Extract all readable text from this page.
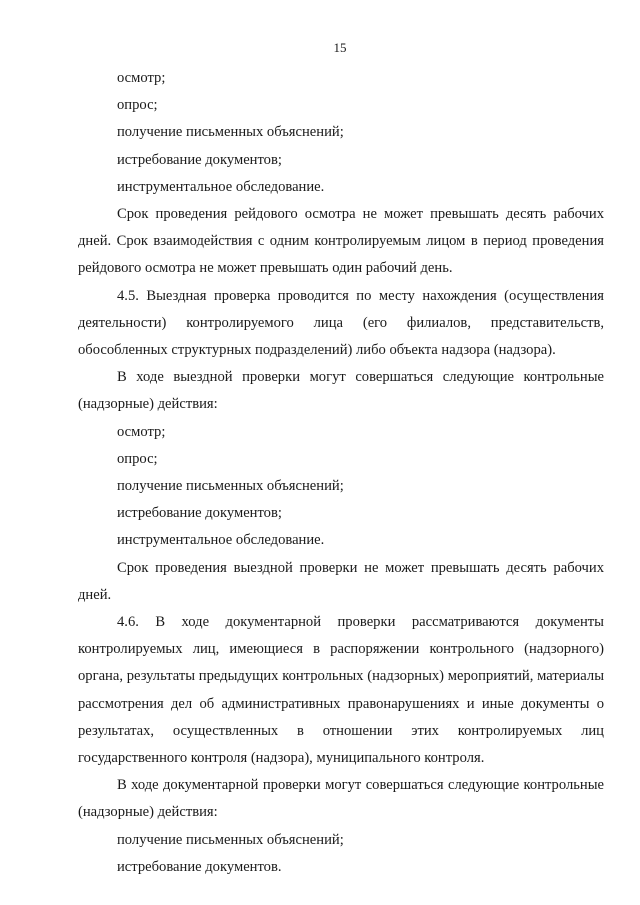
15

осмотр;

опрос;

получение письменных объяснений;

истребование документов;

инструментальное обследование.

Срок проведения рейдового осмотра не может превышать десять рабочих дней. Срок взаимодействия с одним контролируемым лицом в период проведения рейдового осмотра не может превышать один рабочий день.

4.5. Выездная проверка проводится по месту нахождения (осуществления деятельности) контролируемого лица (его филиалов, представительств, обособленных структурных подразделений) либо объекта надзора (надзора).

В ходе выездной проверки могут совершаться следующие контрольные (надзорные) действия:

осмотр;

опрос;

получение письменных объяснений;

истребование документов;

инструментальное обследование.

Срок проведения выездной проверки не может превышать десять рабочих дней.

4.6. В ходе документарной проверки рассматриваются документы контролируемых лиц, имеющиеся в распоряжении контрольного (надзорного) органа, результаты предыдущих контрольных (надзорных) мероприятий, материалы рассмотрения дел об административных правонарушениях и иные документы о результатах, осуществленных в отношении этих контролируемых лиц государственного контроля (надзора), муниципального контроля.

В ходе документарной проверки могут совершаться следующие контрольные (надзорные) действия:

получение письменных объяснений;

истребование документов.
